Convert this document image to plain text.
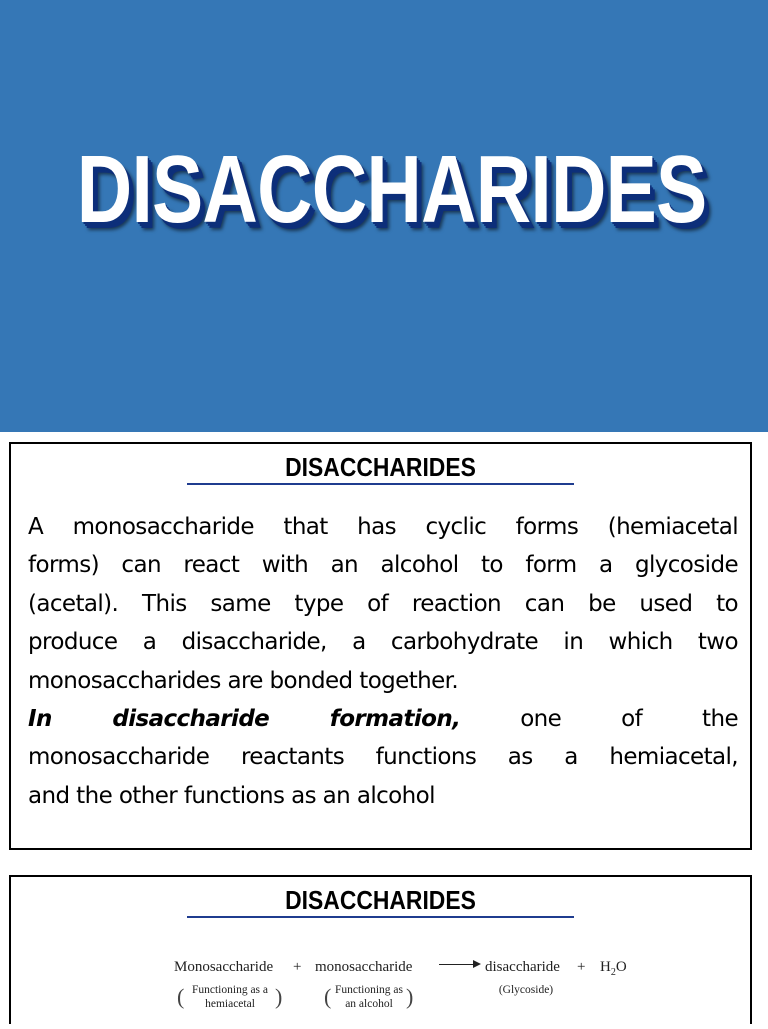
DISACCHARIDES
DISACCHARIDES

A monosaccharide that has cyclic forms (hemiacetal

forms) can react with an alcohol to form a glycoside

(acetal). This same type of reaction can be used to

produce a disaccharide, a carbohydrate in which two

monosaccharides are bonded together.

In disaccharide formation,	one of the

monosaccharide reactants functions as a hemiacetal,

and the other functions as an alcohol

DISACCHARIDES
Monosaccharide + monosaccharide → disaccharide + $H_2O$
( Functioning as a
hemiacetal ) ( Functioning as
an alcohol )	(Glycoside)
